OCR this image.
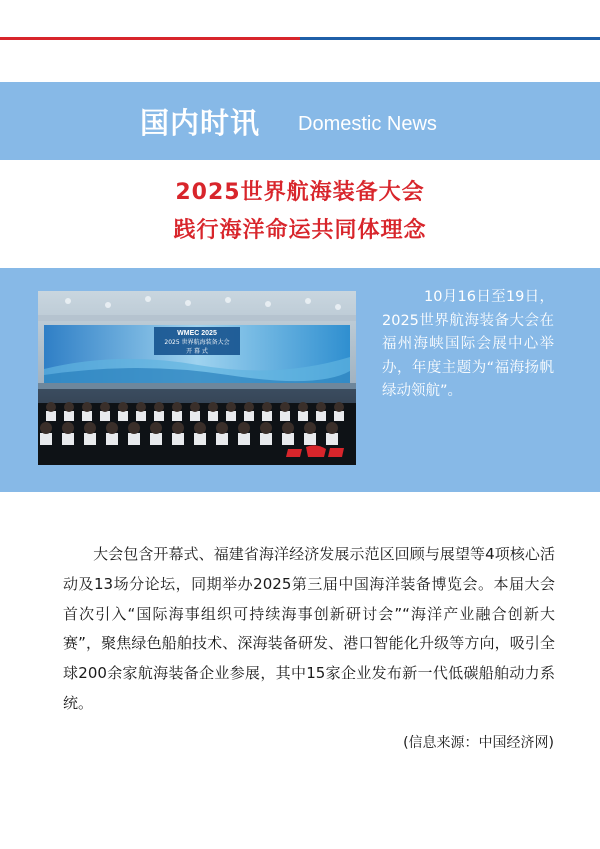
国内时讯 Domestic News
2025世界航海装备大会
践行海洋命运共同体理念
WMEC 2025
2025 世界航海装备大会
开 幕 式
10月16日至19日，2025世界航海装备大会在福州海峡国际会展中心举办，年度主题为“福海扬帆绿动领航”。
大会包含开幕式、福建省海洋经济发展示范区回顾与展望等4项核心活动及13场分论坛，同期举办2025第三届中国海洋装备博览会。本届大会首次引入“国际海事组织可持续海事创新研讨会”“海洋产业融合创新大赛”，聚焦绿色船舶技术、深海装备研发、港口智能化升级等方向，吸引全球200余家航海装备企业参展，其中15家企业发布新一代低碳船舶动力系统。
(信息来源：中国经济网)
